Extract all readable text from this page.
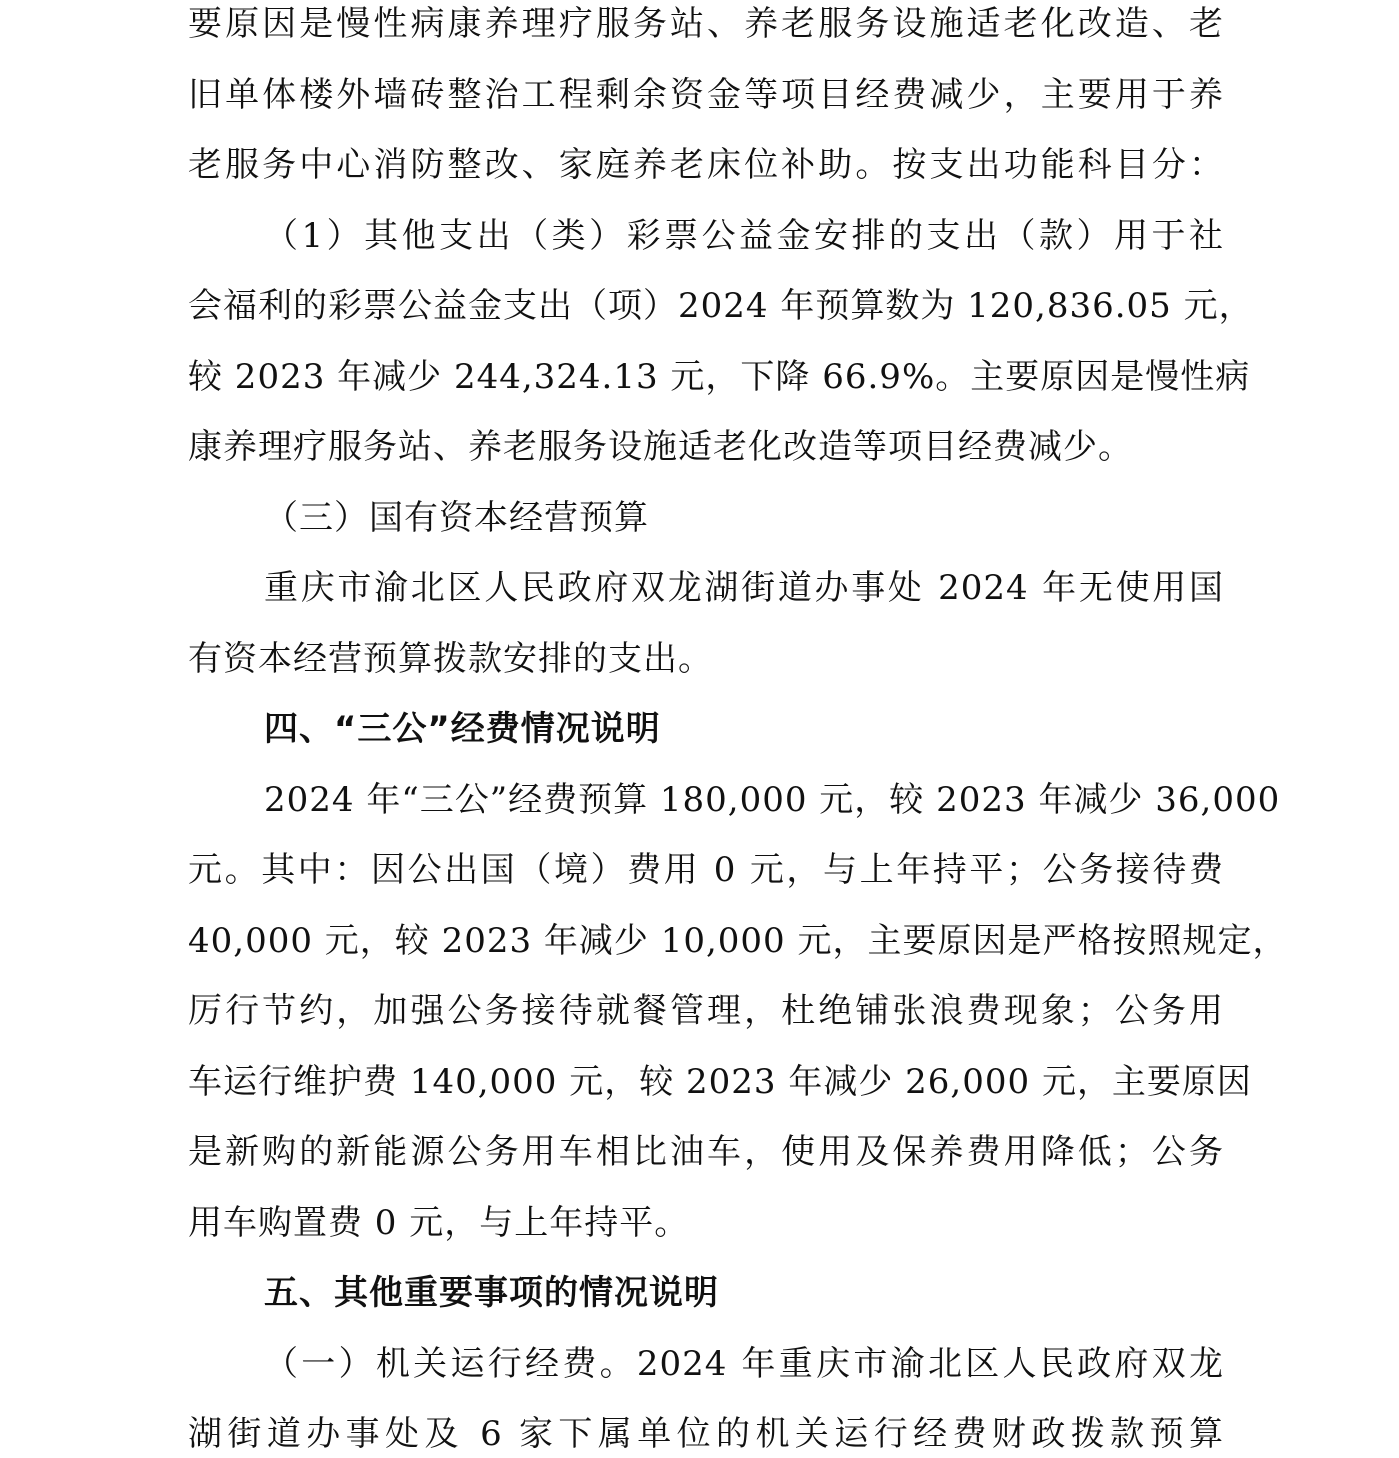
要原因是慢性病康养理疗服务站、养老服务设施适老化改造、老
旧单体楼外墙砖整治工程剩余资金等项目经费减少，主要用于养
老服务中心消防整改、家庭养老床位补助。按支出功能科目分：
（1）其他支出（类）彩票公益金安排的支出（款）用于社
会福利的彩票公益金支出（项）2024 年预算数为 120,836.05 元，
较 2023 年减少 244,324.13 元，下降 66.9%。主要原因是慢性病
康养理疗服务站、养老服务设施适老化改造等项目经费减少。
（三）国有资本经营预算
重庆市渝北区人民政府双龙湖街道办事处 2024 年无使用国
有资本经营预算拨款安排的支出。
四、“三公”经费情况说明
2024 年“三公”经费预算 180,000 元，较 2023 年减少 36,000
元。其中：因公出国（境）费用 0 元，与上年持平；公务接待费
40,000 元，较 2023 年减少 10,000 元，主要原因是严格按照规定，
厉行节约，加强公务接待就餐管理，杜绝铺张浪费现象；公务用
车运行维护费 140,000 元，较 2023 年减少 26,000 元，主要原因
是新购的新能源公务用车相比油车，使用及保养费用降低；公务
用车购置费 0 元，与上年持平。
五、其他重要事项的情况说明
（一）机关运行经费。2024 年重庆市渝北区人民政府双龙
湖街道办事处及 6 家下属单位的机关运行经费财政拨款预算
